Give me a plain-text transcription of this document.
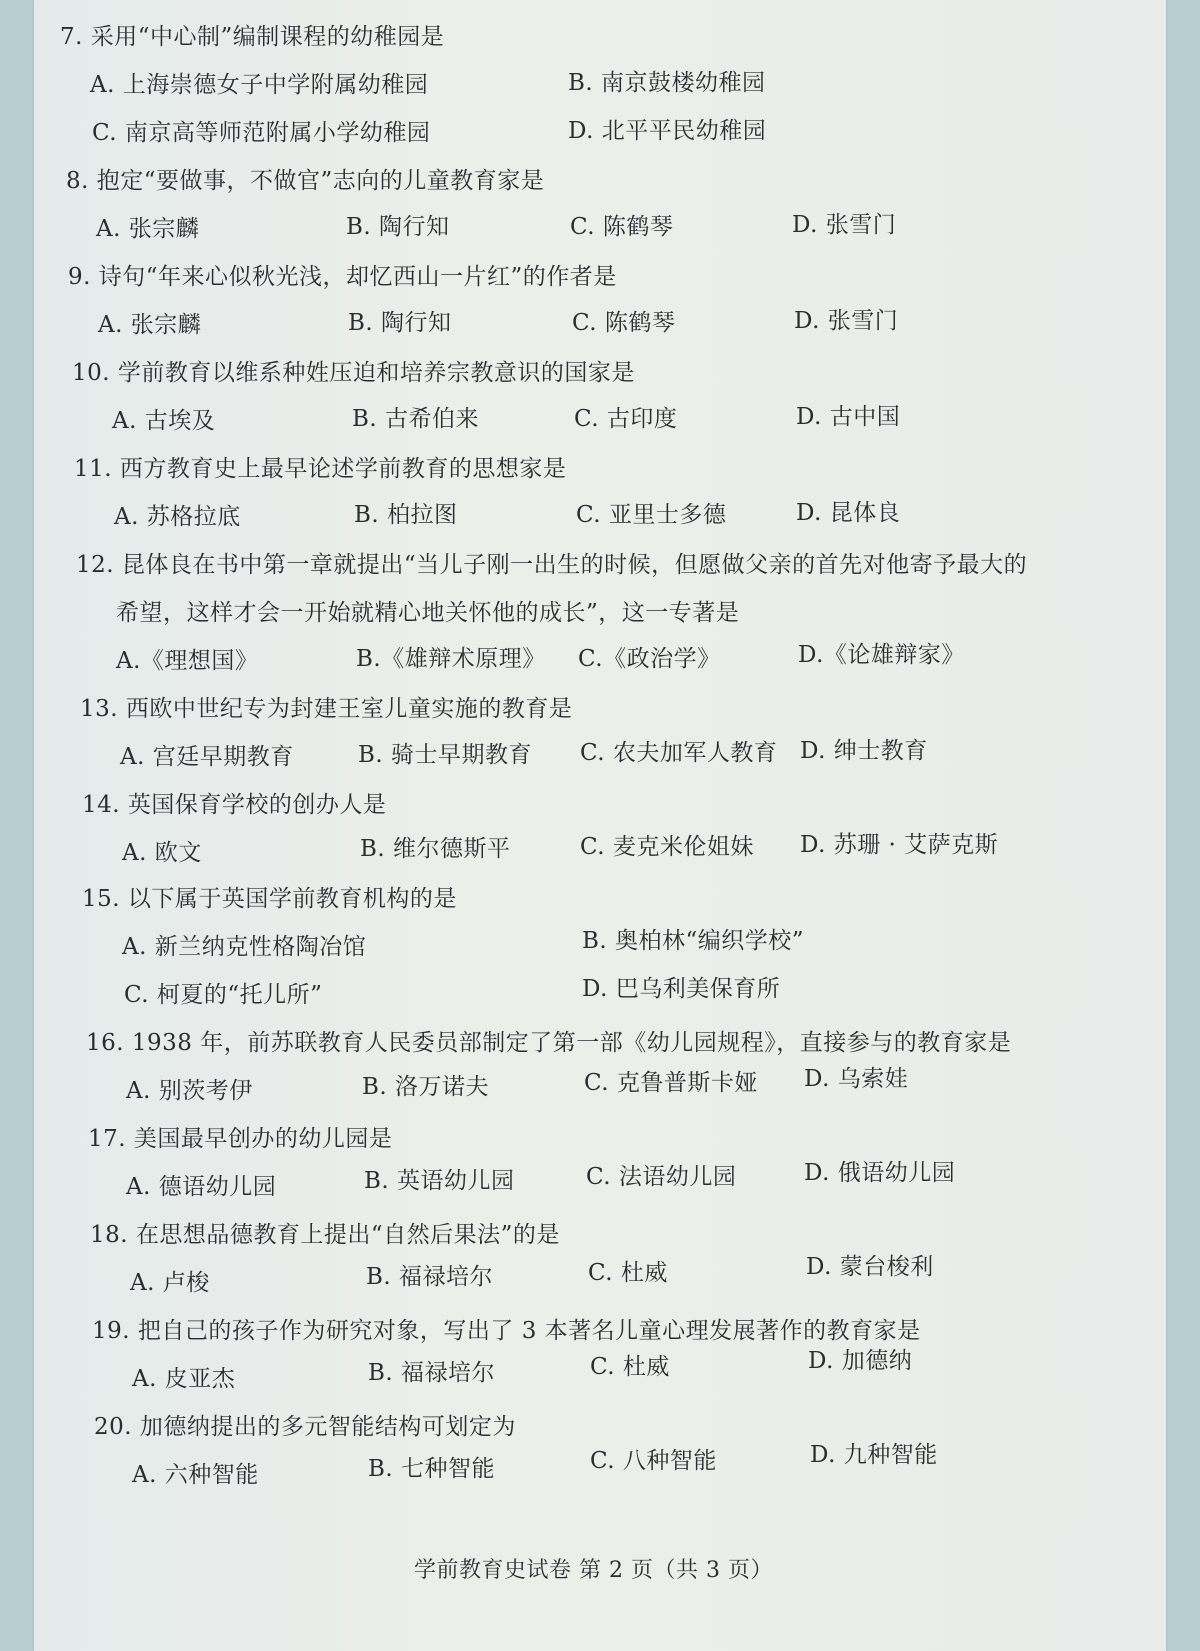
7. 采用“中心制”编制课程的幼稚园是
A. 上海崇德女子中学附属幼稚园	B. 南京鼓楼幼稚园
C. 南京高等师范附属小学幼稚园	D. 北平平民幼稚园
8. 抱定“要做事，不做官”志向的儿童教育家是
A. 张宗麟	B. 陶行知	C. 陈鹤琴	D. 张雪门
9. 诗句“年来心似秋光浅，却忆西山一片红”的作者是
A. 张宗麟	B. 陶行知	C. 陈鹤琴	D. 张雪门
10. 学前教育以维系种姓压迫和培养宗教意识的国家是
A. 古埃及	B. 古希伯来	C. 古印度	D. 古中国
11. 西方教育史上最早论述学前教育的思想家是
A. 苏格拉底	B. 柏拉图	C. 亚里士多德	D. 昆体良
12. 昆体良在书中第一章就提出“当儿子刚一出生的时候，但愿做父亲的首先对他寄予最大的
希望，这样才会一开始就精心地关怀他的成长”，这一专著是
A.《理想国》	B.《雄辩术原理》 C.《政治学》	D.《论雄辩家》
13. 西欧中世纪专为封建王室儿童实施的教育是
A. 宫廷早期教育	B. 骑士早期教育 C. 农夫加军人教育 D. 绅士教育
14. 英国保育学校的创办人是
A. 欧文	B. 维尔德斯平	C. 麦克米伦姐妹 D. 苏珊 · 艾萨克斯
15. 以下属于英国学前教育机构的是
A. 新兰纳克性格陶冶馆	B. 奥柏林“编织学校”
C. 柯夏的“托儿所”	D. 巴乌利美保育所
16. 1938 年，前苏联教育人民委员部制定了第一部《幼儿园规程》，直接参与的教育家是
A. 别茨考伊	B. 洛万诺夫	C. 克鲁普斯卡娅 D. 乌索娃
17. 美国最早创办的幼儿园是
A. 德语幼儿园	B. 英语幼儿园	C. 法语幼儿园	D. 俄语幼儿园
18. 在思想品德教育上提出“自然后果法”的是
A. 卢梭	B. 福禄培尔	C. 杜威	D. 蒙台梭利
19. 把自己的孩子作为研究对象，写出了 3 本著名儿童心理发展著作的教育家是
A. 皮亚杰	B. 福禄培尔	C. 杜威	D. 加德纳
20. 加德纳提出的多元智能结构可划定为
A. 六种智能	B. 七种智能	C. 八种智能	D. 九种智能
学前教育史试卷 第 2 页（共 3 页）
